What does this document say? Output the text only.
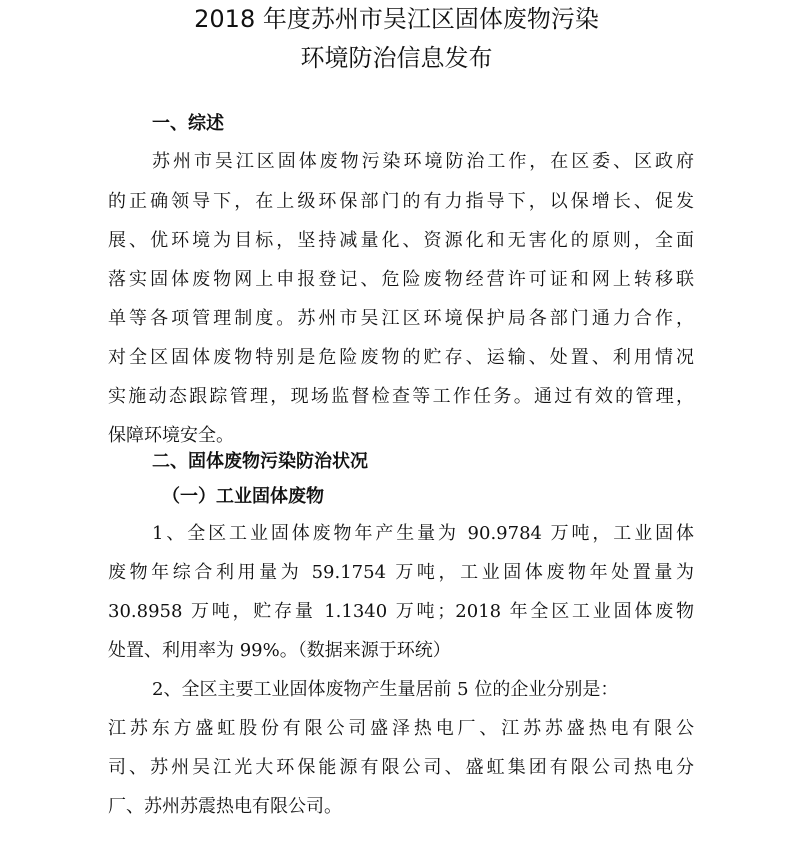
2018 年度苏州市吴江区固体废物污染
环境防治信息发布
一、综述
苏州市吴江区固体废物污染环境防治工作，在区委、区政府
的正确领导下，在上级环保部门的有力指导下，以保增长、促发
展、优环境为目标，坚持减量化、资源化和无害化的原则，全面
落实固体废物网上申报登记、危险废物经营许可证和网上转移联
单等各项管理制度。苏州市吴江区环境保护局各部门通力合作，
对全区固体废物特别是危险废物的贮存、运输、处置、利用情况
实施动态跟踪管理，现场监督检查等工作任务。通过有效的管理，
保障环境安全。
二、固体废物污染防治状况
（一）工业固体废物
1、全区工业固体废物年产生量为 90.9784 万吨，工业固体
废物年综合利用量为 59.1754 万吨，工业固体废物年处置量为
30.8958 万吨，贮存量 1.1340 万吨；2018 年全区工业固体废物
处置、利用率为 99%。（数据来源于环统）
2、全区主要工业固体废物产生量居前 5 位的企业分别是：
江苏东方盛虹股份有限公司盛泽热电厂、江苏苏盛热电有限公
司、苏州吴江光大环保能源有限公司、盛虹集团有限公司热电分
厂、苏州苏震热电有限公司。
